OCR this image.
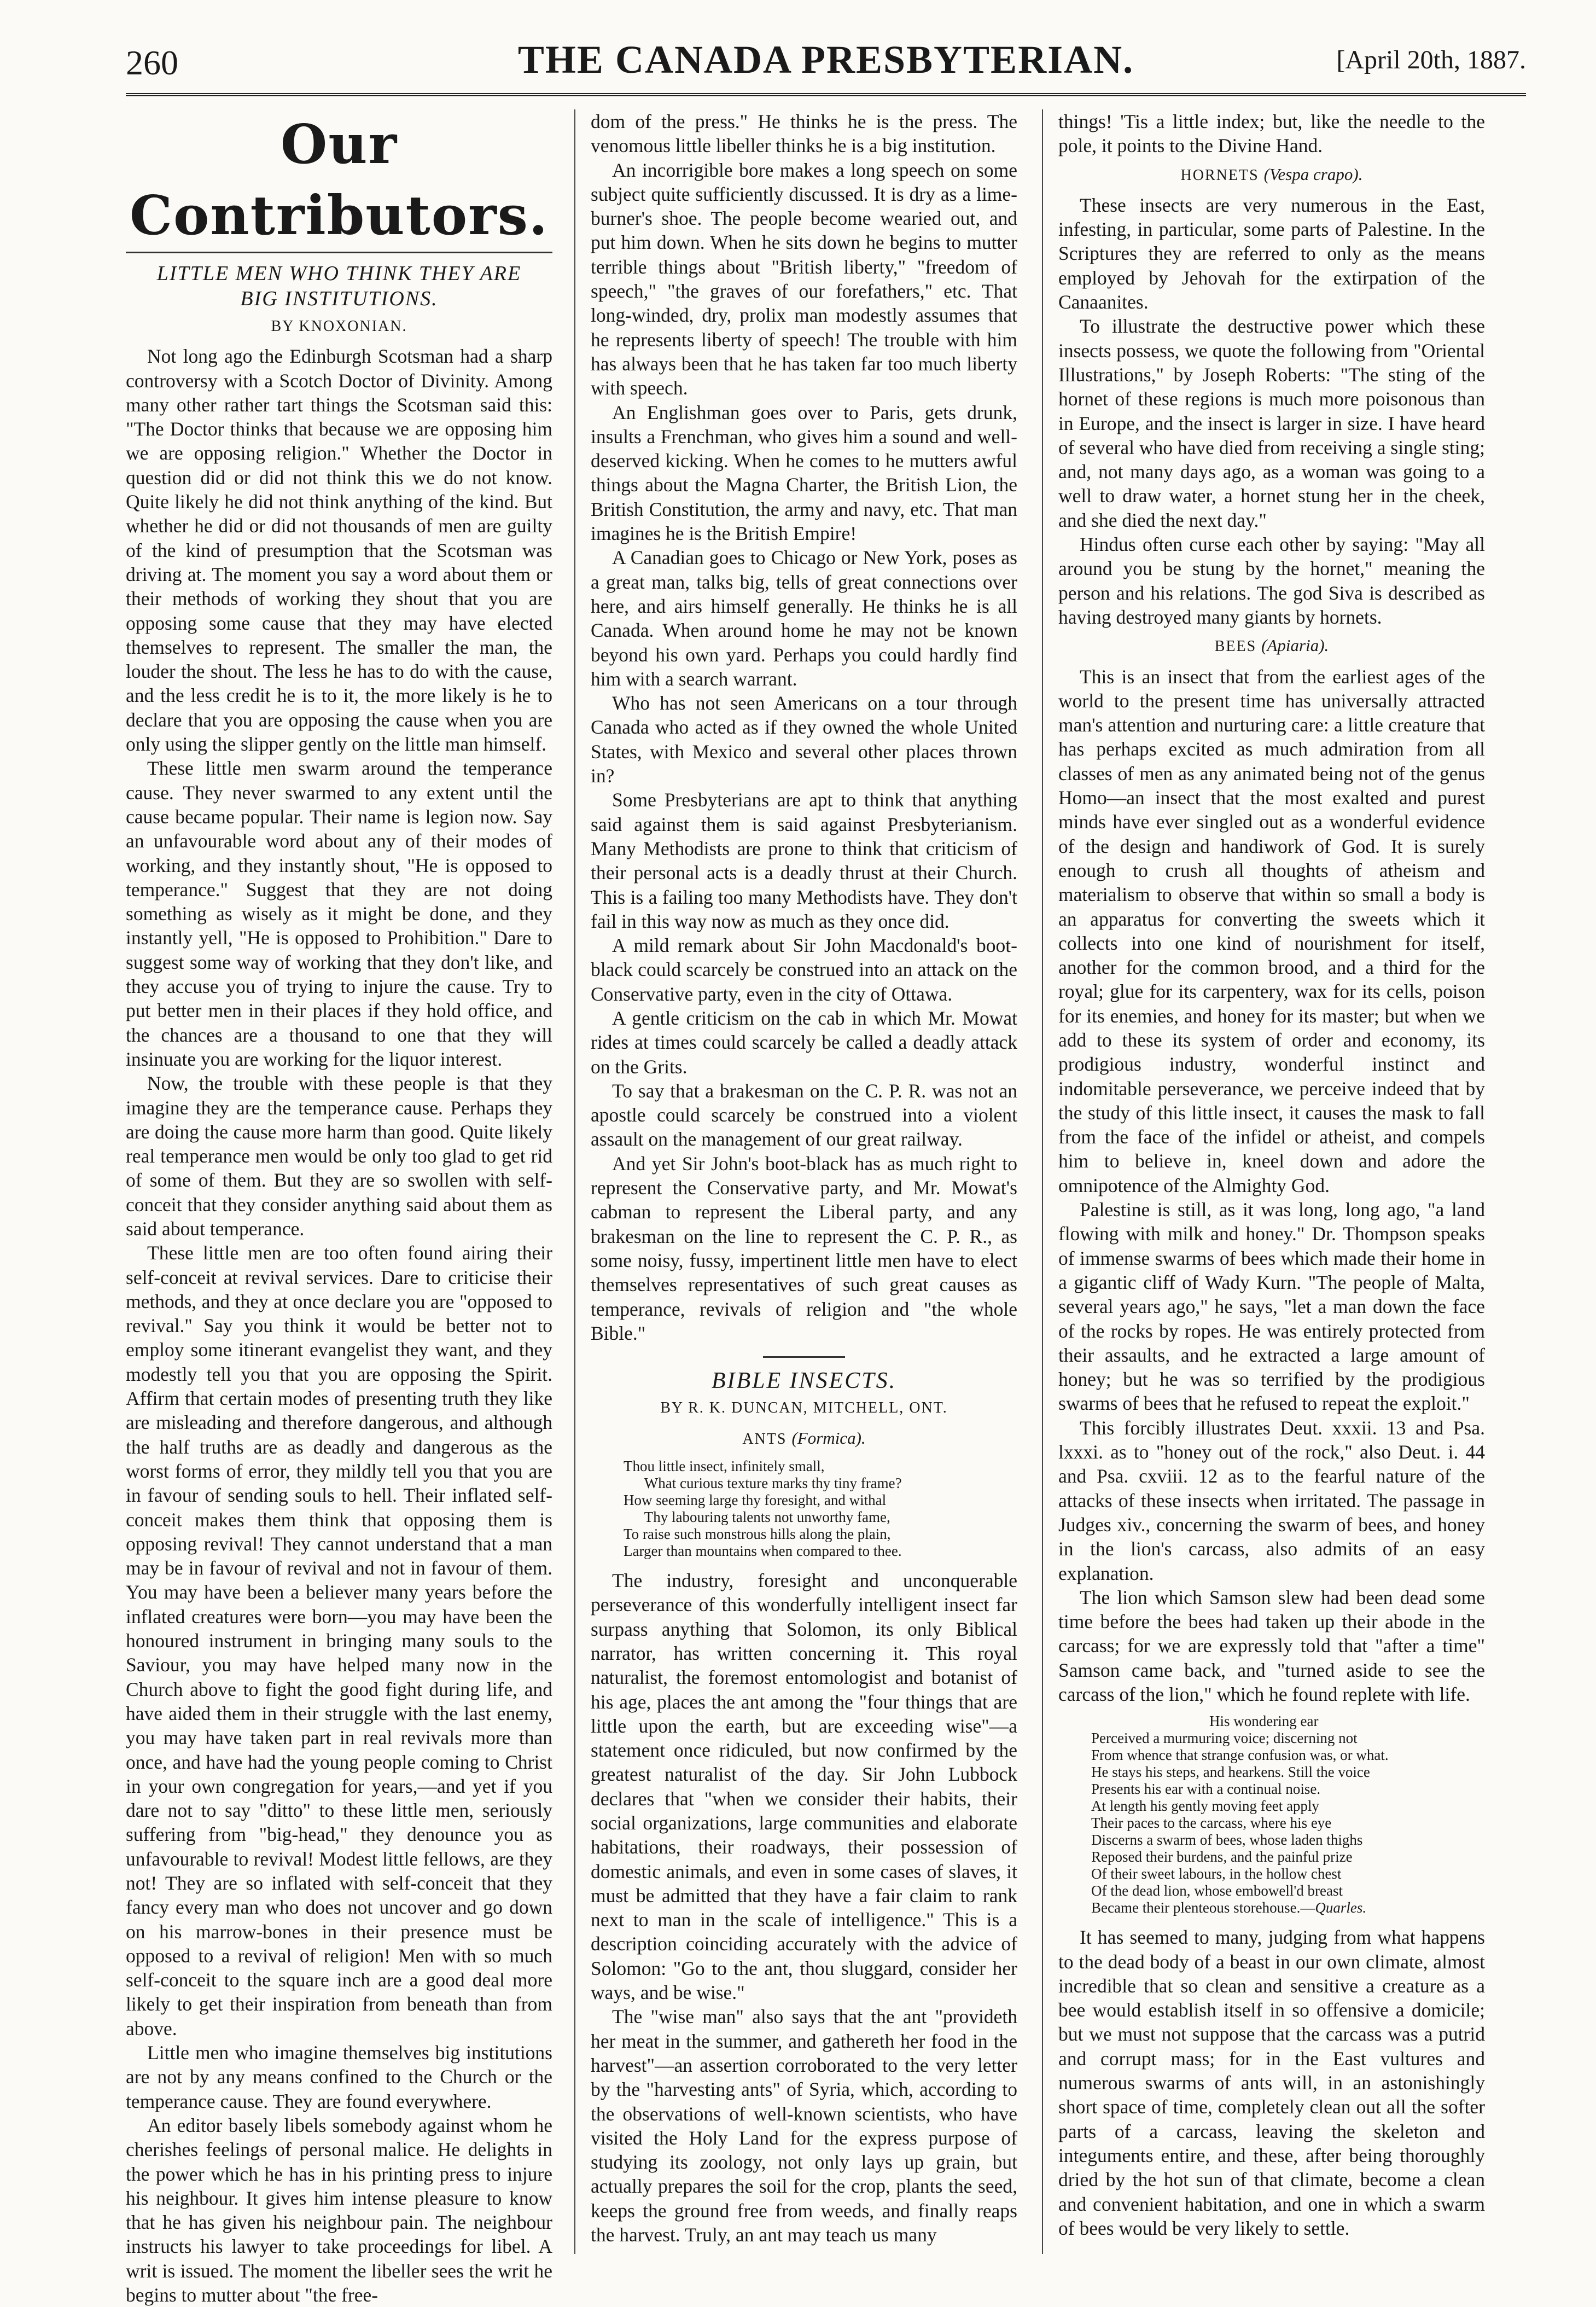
260	THE CANADA PRESBYTERIAN.	[April 20th, 1887.
Our Contributors.
LITTLE MEN WHO THINK THEY ARE BIG INSTITUTIONS.
BY KNOXONIAN.

Not long ago the Edinburgh Scotsman had a sharp controversy with a Scotch Doctor of Divinity. Among many other rather tart things the Scotsman said this: "The Doctor thinks that because we are opposing him we are opposing religion." Whether the Doctor in question did or did not think this we do not know. Quite likely he did not think anything of the kind. But whether he did or did not thousands of men are guilty of the kind of presumption that the Scotsman was driving at. The moment you say a word about them or their methods of working they shout that you are opposing some cause that they may have elected themselves to represent. The smaller the man, the louder the shout. The less he has to do with the cause, and the less credit he is to it, the more likely is he to declare that you are opposing the cause when you are only using the slipper gently on the little man himself.

These little men swarm around the temperance cause. They never swarmed to any extent until the cause became popular. Their name is legion now. Say an unfavourable word about any of their modes of working, and they instantly shout, "He is opposed to temperance." Suggest that they are not doing something as wisely as it might be done, and they instantly yell, "He is opposed to Prohibition." Dare to suggest some way of working that they don't like, and they accuse you of trying to injure the cause. Try to put better men in their places if they hold office, and the chances are a thousand to one that they will insinuate you are working for the liquor interest.

Now, the trouble with these people is that they imagine they are the temperance cause. Perhaps they are doing the cause more harm than good. Quite likely real temperance men would be only too glad to get rid of some of them. But they are so swollen with self-conceit that they consider anything said about them as said about temperance.

These little men are too often found airing their self-conceit at revival services. Dare to criticise their methods, and they at once declare you are "opposed to revival." Say you think it would be better not to employ some itinerant evangelist they want, and they modestly tell you that you are opposing the Spirit. Affirm that certain modes of presenting truth they like are misleading and therefore dangerous, and although the half truths are as deadly and dangerous as the worst forms of error, they mildly tell you that you are in favour of sending souls to hell. Their inflated self-conceit makes them think that opposing them is opposing revival! They cannot understand that a man may be in favour of revival and not in favour of them. You may have been a believer many years before the inflated creatures were born—you may have been the honoured instrument in bringing many souls to the Saviour, you may have helped many now in the Church above to fight the good fight during life, and have aided them in their struggle with the last enemy, you may have taken part in real revivals more than once, and have had the young people coming to Christ in your own congregation for years,—and yet if you dare not to say "ditto" to these little men, seriously suffering from "big-head," they denounce you as unfavourable to revival! Modest little fellows, are they not! They are so inflated with self-conceit that they fancy every man who does not uncover and go down on his marrow-bones in their presence must be opposed to a revival of religion! Men with so much self-conceit to the square inch are a good deal more likely to get their inspiration from beneath than from above.

Little men who imagine themselves big institutions are not by any means confined to the Church or the temperance cause. They are found everywhere.

An editor basely libels somebody against whom he cherishes feelings of personal malice. He delights in the power which he has in his printing press to injure his neighbour. It gives him intense pleasure to know that he has given his neighbour pain. The neighbour instructs his lawyer to take proceedings for libel. A writ is issued. The moment the libeller sees the writ he begins to mutter about "the free-

dom of the press." He thinks he is the press. The venomous little libeller thinks he is a big institution.

An incorrigible bore makes a long speech on some subject quite sufficiently discussed. It is dry as a lime-burner's shoe. The people become wearied out, and put him down. When he sits down he begins to mutter terrible things about "British liberty," "freedom of speech," "the graves of our forefathers," etc. That long-winded, dry, prolix man modestly assumes that he represents liberty of speech! The trouble with him has always been that he has taken far too much liberty with speech.

An Englishman goes over to Paris, gets drunk, insults a Frenchman, who gives him a sound and well-deserved kicking. When he comes to he mutters awful things about the Magna Charter, the British Lion, the British Constitution, the army and navy, etc. That man imagines he is the British Empire!

A Canadian goes to Chicago or New York, poses as a great man, talks big, tells of great connections over here, and airs himself generally. He thinks he is all Canada. When around home he may not be known beyond his own yard. Perhaps you could hardly find him with a search warrant.

Who has not seen Americans on a tour through Canada who acted as if they owned the whole United States, with Mexico and several other places thrown in?

Some Presbyterians are apt to think that anything said against them is said against Presbyterianism. Many Methodists are prone to think that criticism of their personal acts is a deadly thrust at their Church. This is a failing too many Methodists have. They don't fail in this way now as much as they once did.

A mild remark about Sir John Macdonald's boot-black could scarcely be construed into an attack on the Conservative party, even in the city of Ottawa.

A gentle criticism on the cab in which Mr. Mowat rides at times could scarcely be called a deadly attack on the Grits.

To say that a brakesman on the C. P. R. was not an apostle could scarcely be construed into a violent assault on the management of our great railway.

And yet Sir John's boot-black has as much right to represent the Conservative party, and Mr. Mowat's cabman to represent the Liberal party, and any brakesman on the line to represent the C. P. R., as some noisy, fussy, impertinent little men have to elect themselves representatives of such great causes as temperance, revivals of religion and "the whole Bible."

BIBLE INSECTS.
BY R. K. DUNCAN, MITCHELL, ONT.
ANTS (Formica).
Thou little insect, infinitely small,
What curious texture marks thy tiny frame?
How seeming large thy foresight, and withal
Thy labouring talents not unworthy fame,
To raise such monstrous hills along the plain,
Larger than mountains when compared to thee.

The industry, foresight and unconquerable perseverance of this wonderfully intelligent insect far surpass anything that Solomon, its only Biblical narrator, has written concerning it. This royal naturalist, the foremost entomologist and botanist of his age, places the ant among the "four things that are little upon the earth, but are exceeding wise"—a statement once ridiculed, but now confirmed by the greatest naturalist of the day. Sir John Lubbock declares that "when we consider their habits, their social organizations, large communities and elaborate habitations, their roadways, their possession of domestic animals, and even in some cases of slaves, it must be admitted that they have a fair claim to rank next to man in the scale of intelligence." This is a description coinciding accurately with the advice of Solomon: "Go to the ant, thou sluggard, consider her ways, and be wise."

The "wise man" also says that the ant "provideth her meat in the summer, and gathereth her food in the harvest"—an assertion corroborated to the very letter by the "harvesting ants" of Syria, which, according to the observations of well-known scientists, who have visited the Holy Land for the express purpose of studying its zoology, not only lays up grain, but actually prepares the soil for the crop, plants the seed, keeps the ground free from weeds, and finally reaps the harvest. Truly, an ant may teach us many

things! 'Tis a little index; but, like the needle to the pole, it points to the Divine Hand.

HORNETS (Vespa crapo).

These insects are very numerous in the East, infesting, in particular, some parts of Palestine. In the Scriptures they are referred to only as the means employed by Jehovah for the extirpation of the Canaanites.

To illustrate the destructive power which these insects possess, we quote the following from "Oriental Illustrations," by Joseph Roberts: "The sting of the hornet of these regions is much more poisonous than in Europe, and the insect is larger in size. I have heard of several who have died from receiving a single sting; and, not many days ago, as a woman was going to a well to draw water, a hornet stung her in the cheek, and she died the next day."

Hindus often curse each other by saying: "May all around you be stung by the hornet," meaning the person and his relations. The god Siva is described as having destroyed many giants by hornets.

BEES (Apiaria).

This is an insect that from the earliest ages of the world to the present time has universally attracted man's attention and nurturing care: a little creature that has perhaps excited as much admiration from all classes of men as any animated being not of the genus Homo—an insect that the most exalted and purest minds have ever singled out as a wonderful evidence of the design and handiwork of God. It is surely enough to crush all thoughts of atheism and materialism to observe that within so small a body is an apparatus for converting the sweets which it collects into one kind of nourishment for itself, another for the common brood, and a third for the royal; glue for its carpentery, wax for its cells, poison for its enemies, and honey for its master; but when we add to these its system of order and economy, its prodigious industry, wonderful instinct and indomitable perseverance, we perceive indeed that by the study of this little insect, it causes the mask to fall from the face of the infidel or atheist, and compels him to believe in, kneel down and adore the omnipotence of the Almighty God.

Palestine is still, as it was long, long ago, "a land flowing with milk and honey." Dr. Thompson speaks of immense swarms of bees which made their home in a gigantic cliff of Wady Kurn. "The people of Malta, several years ago," he says, "let a man down the face of the rocks by ropes. He was entirely protected from their assaults, and he extracted a large amount of honey; but he was so terrified by the prodigious swarms of bees that he refused to repeat the exploit."

This forcibly illustrates Deut. xxxii. 13 and Psa. lxxxi. as to "honey out of the rock," also Deut. i. 44 and Psa. cxviii. 12 as to the fearful nature of the attacks of these insects when irritated. The passage in Judges xiv., concerning the swarm of bees, and honey in the lion's carcass, also admits of an easy explanation.

The lion which Samson slew had been dead some time before the bees had taken up their abode in the carcass; for we are expressly told that "after a time" Samson came back, and "turned aside to see the carcass of the lion," which he found replete with life.

His wondering ear
Perceived a murmuring voice; discerning not
From whence that strange confusion was, or what.
He stays his steps, and hearkens. Still the voice
Presents his ear with a continual noise.
At length his gently moving feet apply
Their paces to the carcass, where his eye
Discerns a swarm of bees, whose laden thighs
Reposed their burdens, and the painful prize
Of their sweet labours, in the hollow chest
Of the dead lion, whose embowell'd breast
Became their plenteous storehouse.—Quarles.

It has seemed to many, judging from what happens to the dead body of a beast in our own climate, almost incredible that so clean and sensitive a creature as a bee would establish itself in so offensive a domicile; but we must not suppose that the carcass was a putrid and corrupt mass; for in the East vultures and numerous swarms of ants will, in an astonishingly short space of time, completely clean out all the softer parts of a carcass, leaving the skeleton and integuments entire, and these, after being thoroughly dried by the hot sun of that climate, become a clean and convenient habitation, and one in which a swarm of bees would be very likely to settle.
